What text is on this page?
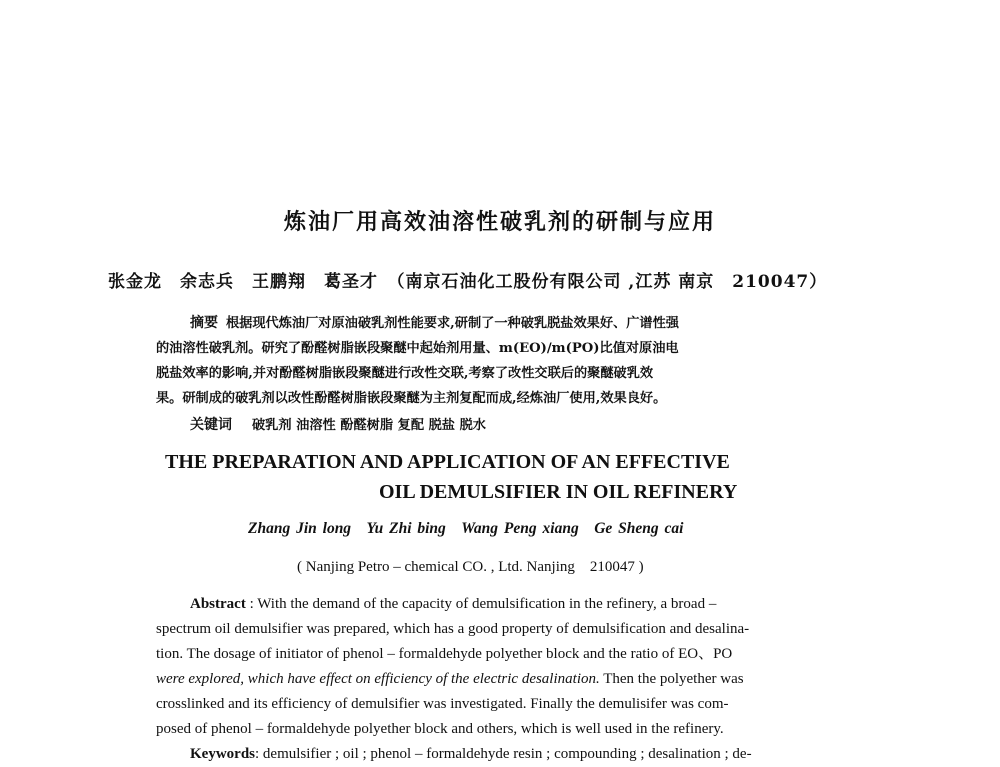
炼油厂用高效油溶性破乳剂的研制与应用
张金龙　余志兵　王鹏翔　葛圣才　（南京石油化工股份有限公司 ,江苏 南京　210047）

摘要 根据现代炼油厂对原油破乳剂性能要求,研制了一种破乳脱盐效果好、广谱性强

的油溶性破乳剂。研究了酚醛树脂嵌段聚醚中起始剂用量、m(EO)/m(PO)比值对原油电

脱盐效率的影响,并对酚醛树脂嵌段聚醚进行改性交联,考察了改性交联后的聚醚破乳效

果。研制成的破乳剂以改性酚醛树脂嵌段聚醚为主剂复配而成,经炼油厂使用,效果良好。

关键词 破乳剂 油溶性 酚醛树脂 复配 脱盐 脱水
THE PREPARATION AND APPLICATION OF AN EFFECTIVE
OIL DEMULSIFIER IN OIL REFINERY
Zhang Jin long　Yu Zhi bing　Wang Peng xiang　Ge Sheng cai
( Nanjing Petro – chemical CO. , Ltd. Nanjing　210047 )

Abstract : With the demand of the capacity of demulsification in the refinery, a broad –

spectrum oil demulsifier was prepared, which has a good property of demulsification and desalina-

tion. The dosage of initiator of phenol – formaldehyde polyether block and the ratio of EO、PO

were explored, which have effect on efficiency of the electric desalination. Then the polyether was

crosslinked and its efficiency of demulsifier was investigated. Finally the demulisifer was com-

posed of phenol – formaldehyde polyether block and others, which is well used in the refinery.

Keywords: demulsifier ; oil ; phenol – formaldehyde resin ; compounding ; desalination ; de-
